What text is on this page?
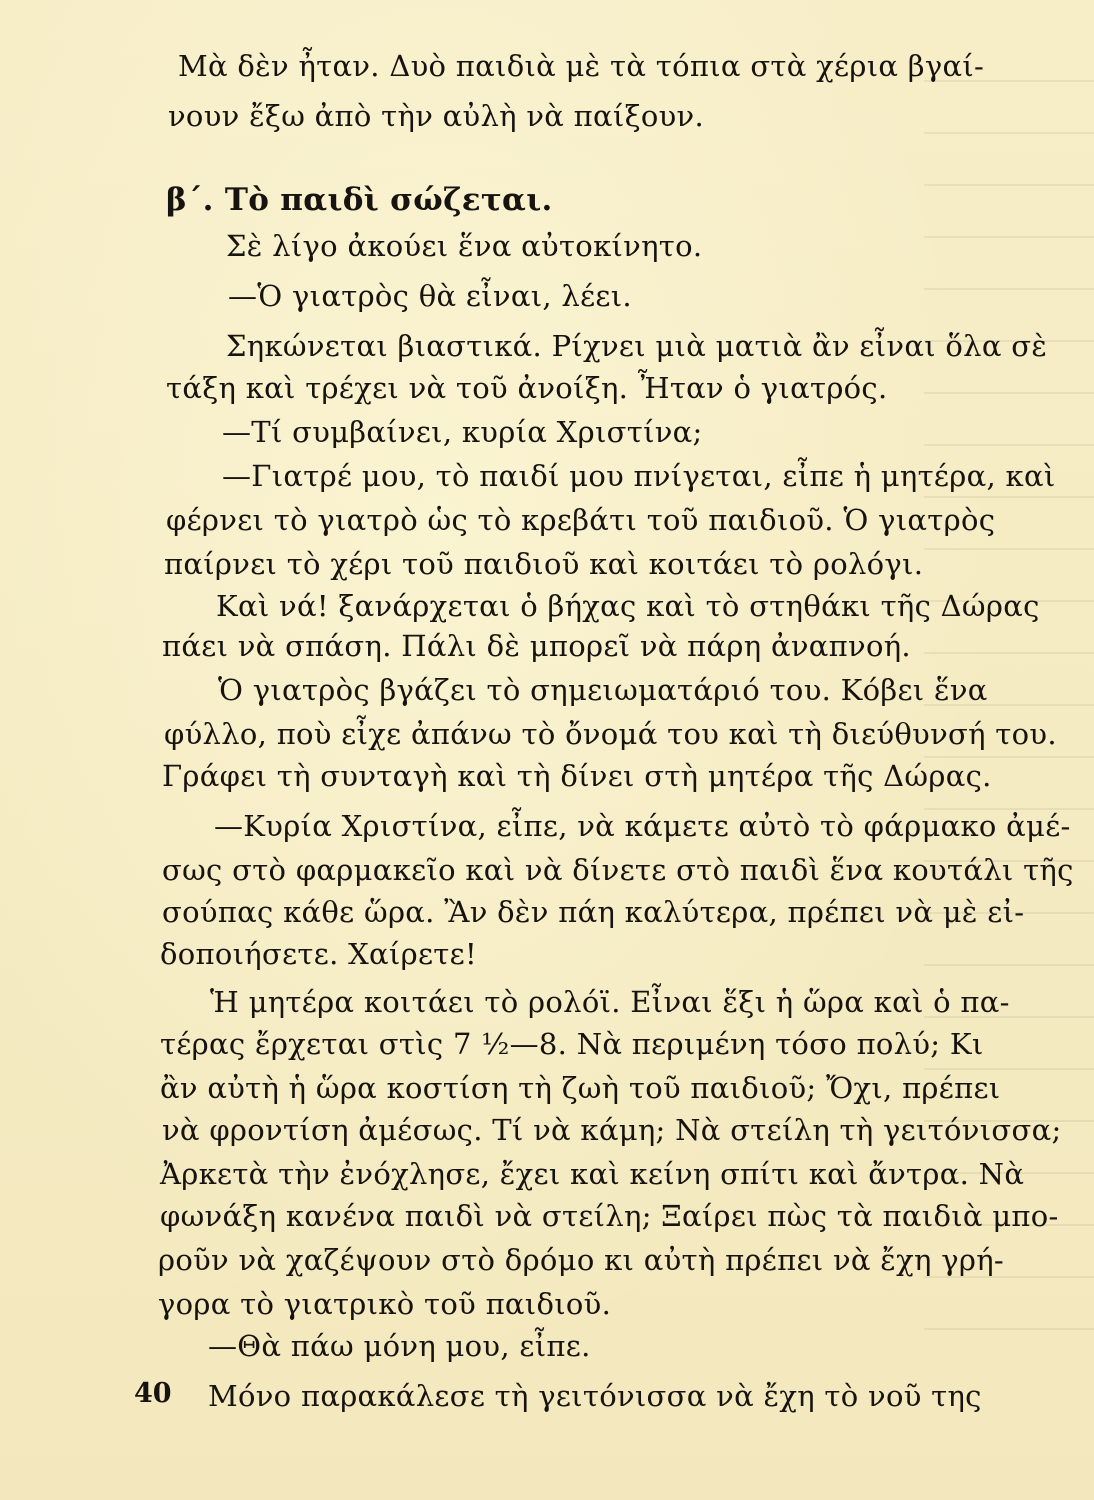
Μὰ δὲν ἦταν. Δυὸ παιδιὰ μὲ τὰ τόπια στὰ χέρια βγαί-
νουν ἔξω ἀπὸ τὴν αὐλὴ νὰ παίξουν.
β΄. Τὸ παιδὶ σώζεται.
Σὲ λίγο ἀκούει ἕνα αὐτοκίνητο.
—Ὁ γιατρὸς θὰ εἶναι, λέει.
Σηκώνεται βιαστικά. Ρίχνει μιὰ ματιὰ ἂν εἶναι ὅλα σὲ
τάξη καὶ τρέχει νὰ τοῦ ἀνοίξη. Ἦταν ὁ γιατρός.
—Τί συμβαίνει, κυρία Χριστίνα;
—Γιατρέ μου, τὸ παιδί μου πνίγεται, εἶπε ἡ μητέρα, καὶ
φέρνει τὸ γιατρὸ ὡς τὸ κρεβάτι τοῦ παιδιοῦ. Ὁ γιατρὸς
παίρνει τὸ χέρι τοῦ παιδιοῦ καὶ κοιτάει τὸ ρολόγι.
Καὶ νά! ξανάρχεται ὁ βήχας καὶ τὸ στηθάκι τῆς Δώρας
πάει νὰ σπάση. Πάλι δὲ μπορεῖ νὰ πάρη ἀναπνοή.
Ὁ γιατρὸς βγάζει τὸ σημειωματάριό του. Κόβει ἕνα
φύλλο, ποὺ εἶχε ἀπάνω τὸ ὄνομά του καὶ τὴ διεύθυνσή του.
Γράφει τὴ συνταγὴ καὶ τὴ δίνει στὴ μητέρα τῆς Δώρας.
—Κυρία Χριστίνα, εἶπε, νὰ κάμετε αὐτὸ τὸ φάρμακο ἀμέ-
σως στὸ φαρμακεῖο καὶ νὰ δίνετε στὸ παιδὶ ἕνα κουτάλι τῆς
σούπας κάθε ὥρα. Ἂν δὲν πάη καλύτερα, πρέπει νὰ μὲ εἰ-
δοποιήσετε. Χαίρετε!
Ἡ μητέρα κοιτάει τὸ ρολόϊ. Εἶναι ἕξι ἡ ὥρα καὶ ὁ πα-
τέρας ἔρχεται στὶς 7 ½—8. Νὰ περιμένη τόσο πολύ; Κι
ἂν αὐτὴ ἡ ὥρα κοστίση τὴ ζωὴ τοῦ παιδιοῦ; Ὄχι, πρέπει
νὰ φροντίση ἀμέσως. Τί νὰ κάμη; Νὰ στείλη τὴ γειτόνισσα;
Ἀρκετὰ τὴν ἐνόχλησε, ἔχει καὶ κείνη σπίτι καὶ ἄντρα. Νὰ
φωνάξη κανένα παιδὶ νὰ στείλη; Ξαίρει πὼς τὰ παιδιὰ μπο-
ροῦν νὰ χαζέψουν στὸ δρόμο κι αὐτὴ πρέπει νὰ ἔχη γρή-
γορα τὸ γιατρικὸ τοῦ παιδιοῦ.
—Θὰ πάω μόνη μου, εἶπε.
Μόνο παρακάλεσε τὴ γειτόνισσα νὰ ἔχη τὸ νοῦ της
40
